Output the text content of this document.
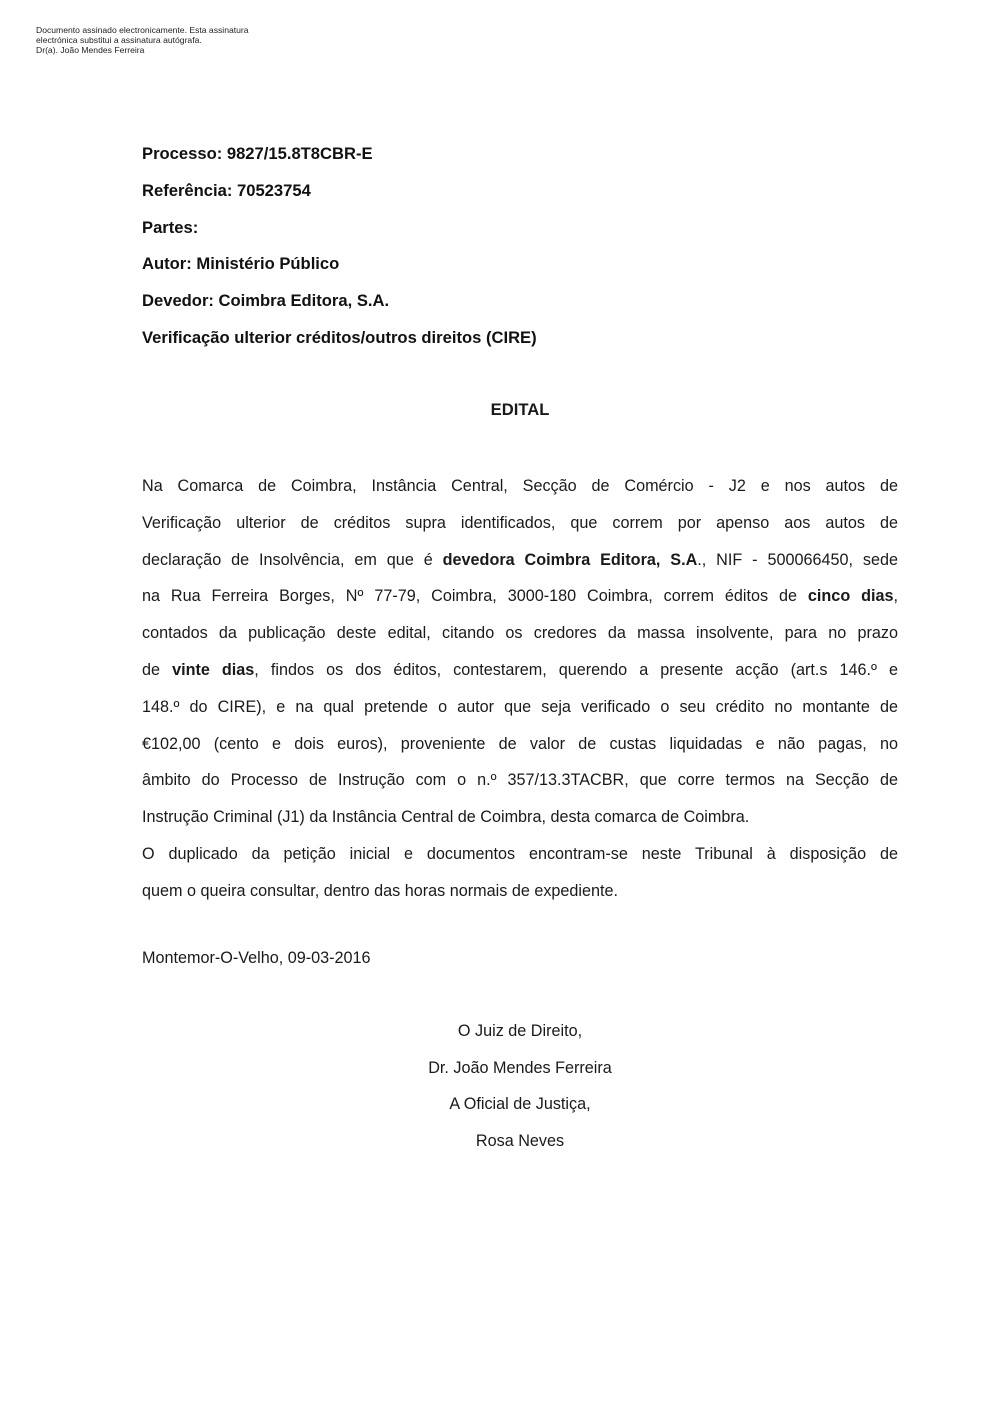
Documento assinado electronicamente. Esta assinatura
electrónica substitui a assinatura autógrafa.
Dr(a). João Mendes Ferreira
Processo: 9827/15.8T8CBR-E
Referência: 70523754
Partes:
Autor: Ministério Público
Devedor: Coimbra Editora, S.A.
Verificação ulterior créditos/outros direitos (CIRE)
EDITAL
Na Comarca de Coimbra, Instância Central, Secção de Comércio - J2 e nos autos de
Verificação ulterior de créditos supra identificados, que correm por apenso aos autos de
declaração de Insolvência, em que é devedora Coimbra Editora, S.A., NIF - 500066450, sede
na Rua Ferreira Borges, Nº 77-79, Coimbra, 3000-180 Coimbra, correm éditos de cinco dias,
contados da publicação deste edital, citando os credores da massa insolvente, para no prazo
de vinte dias, findos os dos éditos, contestarem, querendo a presente acção (art.s 146.º e
148.º do CIRE), e na qual pretende o autor que seja verificado o seu crédito no montante de
€102,00 (cento e dois euros), proveniente de valor de custas liquidadas e não pagas, no
âmbito do Processo de Instrução com o n.º 357/13.3TACBR, que corre termos na Secção de
Instrução Criminal (J1) da Instância Central de Coimbra, desta comarca de Coimbra.
O duplicado da petição inicial e documentos encontram-se neste Tribunal à disposição de
quem o queira consultar, dentro das horas normais de expediente.
Montemor-O-Velho, 09-03-2016
O Juiz de Direito,
Dr. João Mendes Ferreira
A Oficial de Justiça,
Rosa Neves
